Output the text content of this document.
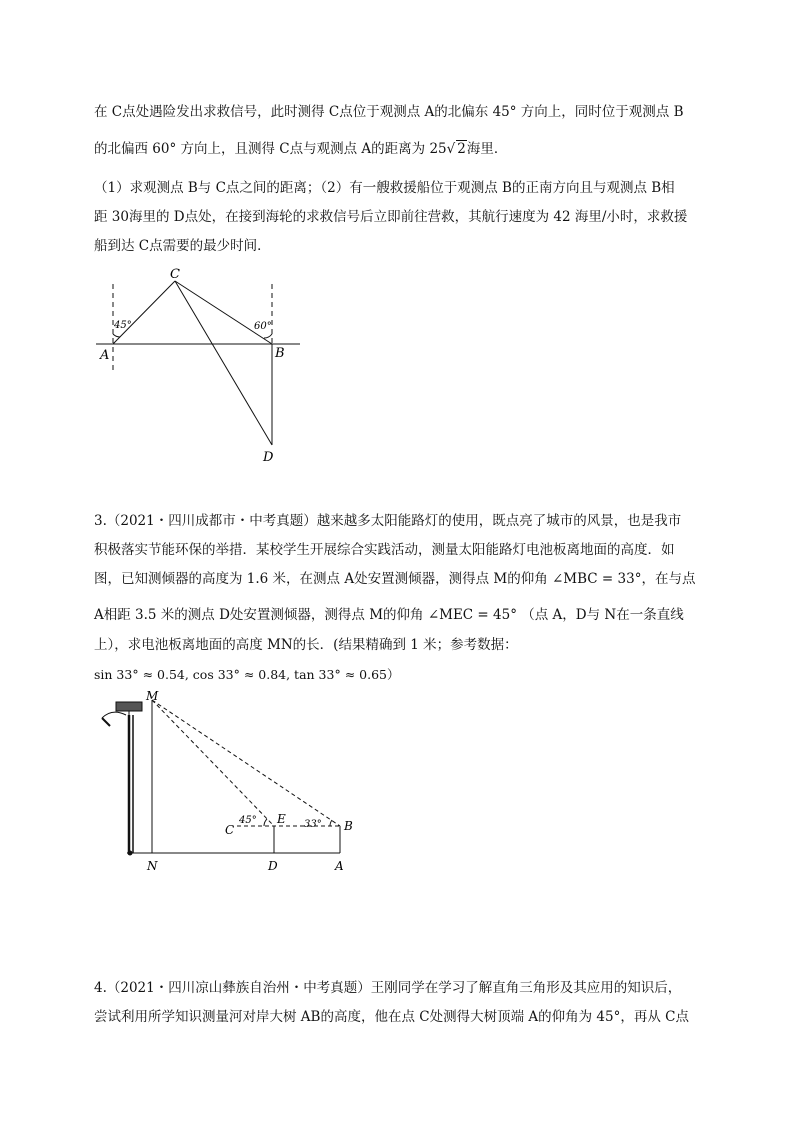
在 C点处遇险发出求救信号，此时测得 C点位于观测点 A的北偏东 45° 方向上，同时位于观测点 B
的北偏西 60° 方向上，且测得 C点与观测点 A的距离为 25√ 2海里．
（1）求观测点 B与 C点之间的距离；（2）有一艘救援船位于观测点 B的正南方向且与观测点 B相
距 30海里的 D点处，在接到海轮的求救信号后立即前往营救，其航行速度为 42 海里/小时，求救援
船到达 C点需要的最少时间．
C
A	B
D
45°	60°
3.（2021・四川成都市・中考真题）越来越多太阳能路灯的使用，既点亮了城市的风景，也是我市
积极落实节能环保的举措．某校学生开展综合实践活动，测量太阳能路灯电池板离地面的高度．如
图，已知测倾器的高度为 1.6 米，在测点 A处安置测倾器，测得点 M的仰角 ∠MBC = 33°，在与点
A相距 3.5 米的测点 D处安置测倾器，测得点 M的仰角 ∠MEC = 45° （点 A，D与 N在一条直线
上），求电池板离地面的高度 MN的长．(结果精确到 1 米；参考数据：
sin 33° ≈ 0.54, cos 33° ≈ 0.84, tan 33° ≈ 0.65）
M
C
E	B
N	D	A
45°	33°
4.（2021・四川凉山彝族自治州・中考真题）王刚同学在学习了解直角三角形及其应用的知识后，
尝试利用所学知识测量河对岸大树 AB的高度，他在点 C处测得大树顶端 A的仰角为 45°，再从 C点
